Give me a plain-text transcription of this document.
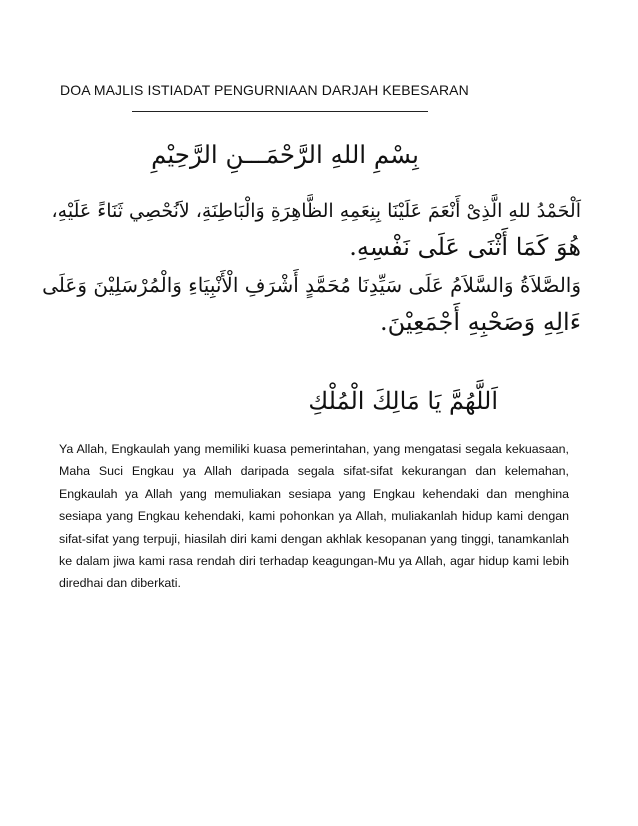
DOA MAJLIS ISTIADAT PENGURNIAAN DARJAH KEBESARAN
بِسْمِ اللهِ الرَّحْمَـــنِ الرَّحِيْمِ
اَلْحَمْدُ للهِ الَّذِىْ أَنْعَمَ عَلَيْنَا بِنِعَمِهِ الظَّاهِرَةِ وَالْبَاطِنَةِ، لاَنُحْصِي ثَنَاءً عَلَيْهِ،
هُوَ كَمَا أَثْنَى عَلَى نَفْسِهِ.
وَالصَّلاَةُ وَالسَّلاَمُ عَلَى سَيِّدِنَا مُحَمَّدٍ أَشْرَفِ الْأَنْبِيَاءِ وَالْمُرْسَلِيْنَ وَعَلَى
ءَالِهِ وَصَحْبِهِ أَجْمَعِيْنَ.
اَللَّهُمَّ يَا مَالِكَ الْمُلْكِ
Ya Allah, Engkaulah yang memiliki kuasa pemerintahan, yang mengatasi segala kekuasaan, Maha Suci Engkau ya Allah daripada segala sifat-sifat kekurangan dan kelemahan, Engkaulah ya Allah yang memuliakan sesiapa yang Engkau kehendaki dan menghina sesiapa yang Engkau kehendaki, kami pohonkan ya Allah, muliakanlah hidup kami dengan sifat-sifat yang terpuji, hiasilah diri kami dengan akhlak kesopanan yang tinggi, tanamkanlah ke dalam jiwa kami rasa rendah diri terhadap keagungan-Mu ya Allah, agar hidup kami lebih diredhai dan diberkati.
